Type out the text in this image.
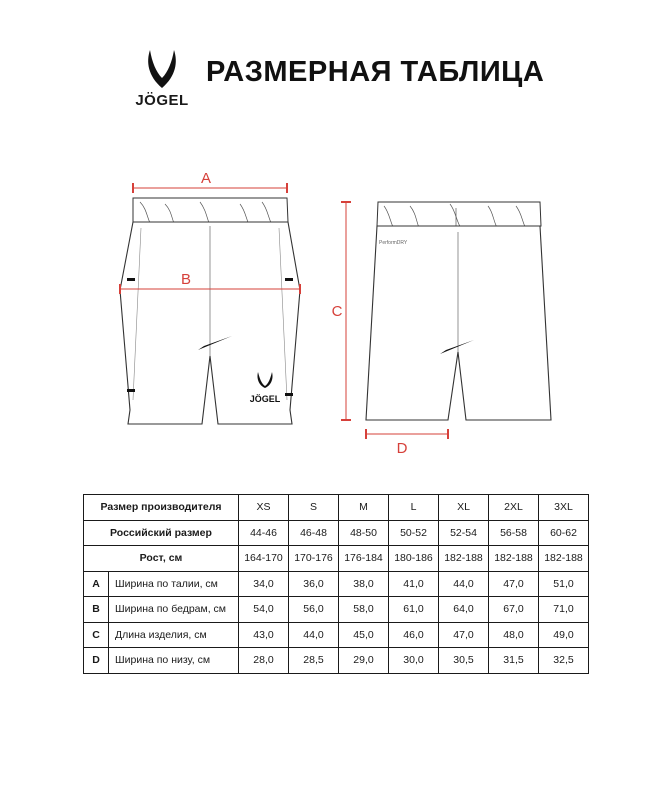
JÖGEL
РАЗМЕРНАЯ ТАБЛИЦА
JÖGEL
PerformDRY
A
B
C
D
Размер производителя		XS	S	M	L	XL	2XL	3XL
Российский размер		44-46	46-48	48-50	50-52	52-54	56-58	60-62
Рост, см		164-170	170-176	176-184	180-186	182-188	182-188	182-188
A	Ширина по талии, см	34,0	36,0	38,0	41,0	44,0	47,0	51,0
B	Ширина по бедрам, см	54,0	56,0	58,0	61,0	64,0	67,0	71,0
C	Длина изделия, см	43,0	44,0	45,0	46,0	47,0	48,0	49,0
D	Ширина по низу, см	28,0	28,5	29,0	30,0	30,5	31,5	32,5
